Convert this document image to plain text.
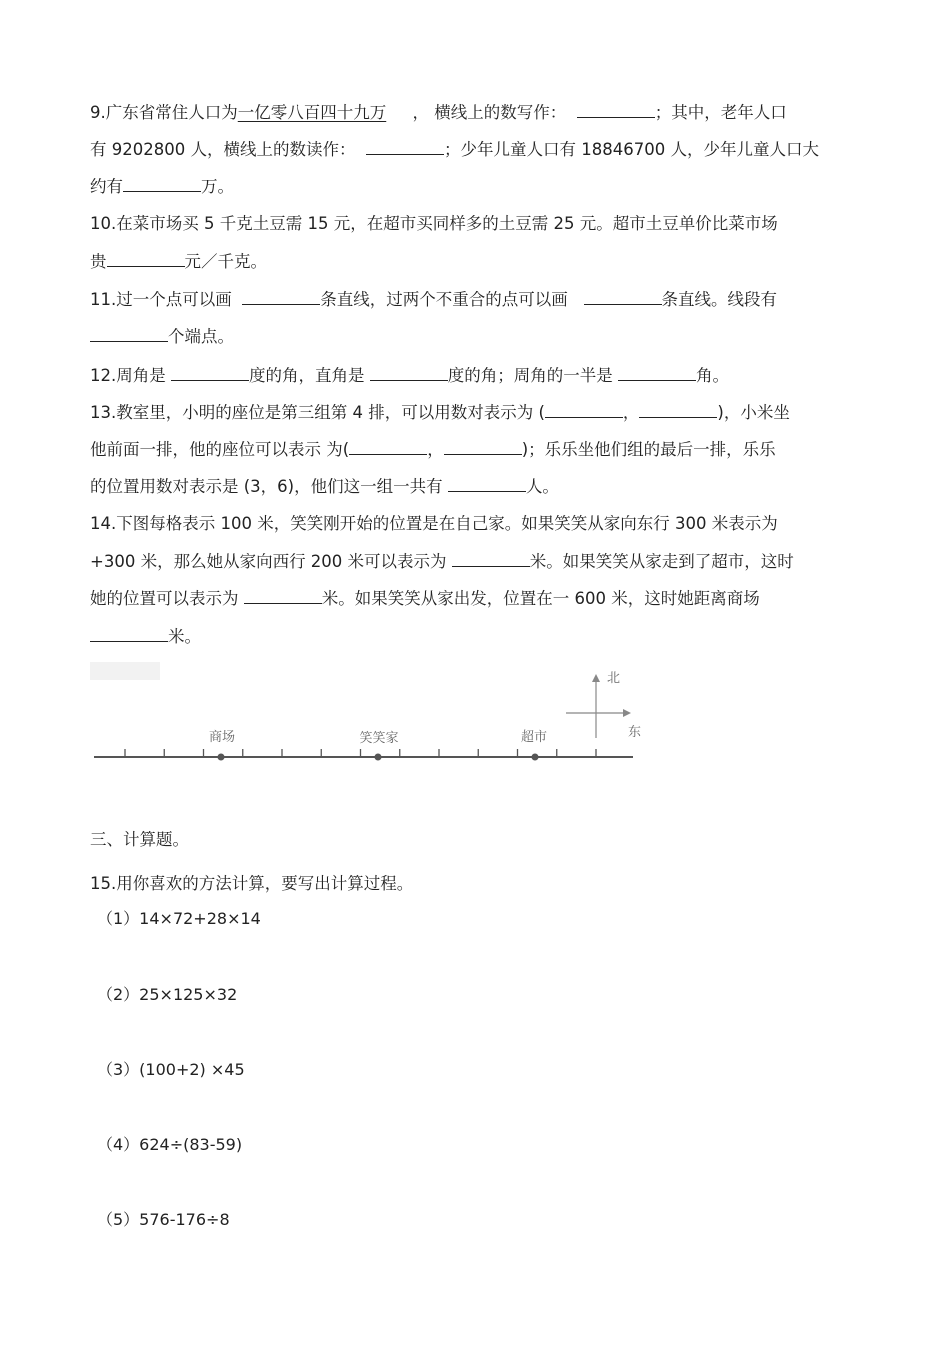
9.广东省常住人口为一亿零八百四十九万 ， 横线上的数写作：	；其中，老年人口
有 9202800 人，横线上的数读作：	；少年儿童人口有 18846700 人，少年儿童人口大
约有	万。
10.在菜市场买 5 千克土豆需 15 元，在超市买同样多的土豆需 25 元。超市土豆单价比菜市场
贵	元／千克。
11.过一个点可以画	条直线，过两个不重合的点可以画	条直线。线段有
个端点。
12.周角是	度的角，直角是	度的角；周角的一半是	角。
13.教室里，小明的座位是第三组第 4 排，可以用数对表示为 (	，	)，小米坐
他前面一排，他的座位可以表示 为(	，	)；乐乐坐他们组的最后一排，乐乐
的位置用数对表示是 (3，6)，他们这一组一共有	人。
14.下图每格表示 100 米，笑笑刚开始的位置是在自己家。如果笑笑从家向东行 300 米表示为
+300 米，那么她从家向西行 200 米可以表示为	米。如果笑笑从家走到了超市，这时
她的位置可以表示为	米。如果笑笑从家出发，位置在一 600 米，这时她距离商场
米。
商场	笑笑家	超市
北
东
三、计算题。
15.用你喜欢的方法计算，要写出计算过程。
（1）14×72+28×14
（2）25×125×32
（3）(100+2) ×45
（4）624÷(83-59)
（5）576-176÷8
